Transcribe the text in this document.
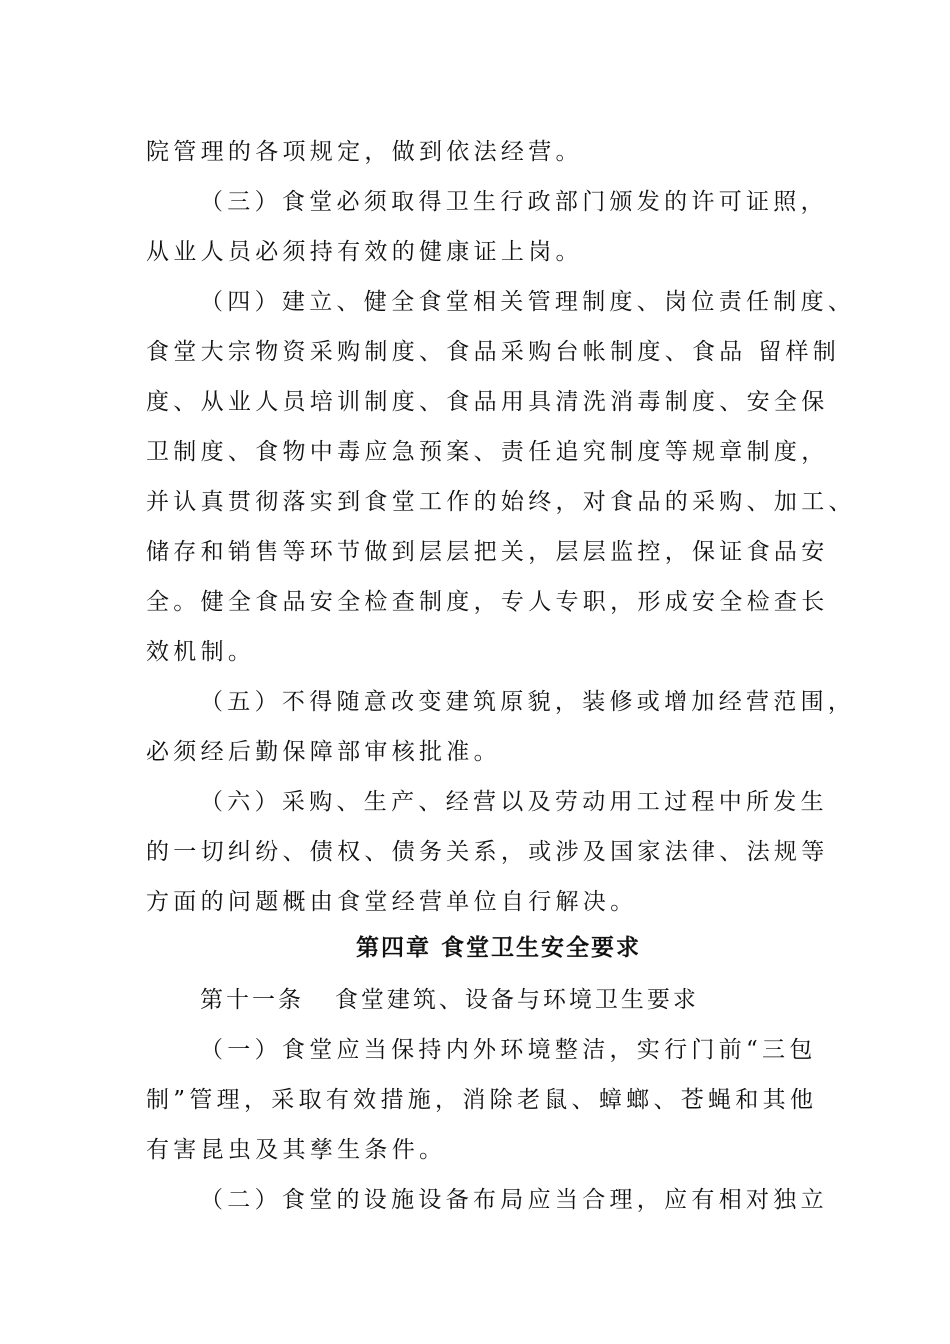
院管理的各项规定，做到依法经营。
（三）食堂必须取得卫生行政部门颁发的许可证照，
从业人员必须持有效的健康证上岗。
（四）建立、健全食堂相关管理制度、岗位责任制度、
食堂大宗物资采购制度、食品采购台帐制度、食品 留样制
度、从业人员培训制度、食品用具清洗消毒制度、安全保
卫制度、食物中毒应急预案、责任追究制度等规章制度，
并认真贯彻落实到食堂工作的始终，对食品的采购、加工、
储存和销售等环节做到层层把关，层层监控，保证食品安
全。健全食品安全检查制度，专人专职，形成安全检查长
效机制。
（五）不得随意改变建筑原貌，装修或增加经营范围，
必须经后勤保障部审核批准。
（六）采购、生产、经营以及劳动用工过程中所发生
的一切纠纷、债权、债务关系，或涉及国家法律、法规等
方面的问题概由食堂经营单位自行解决。
第四章 食堂卫生安全要求
第十一条   食堂建筑、设备与环境卫生要求
（一）食堂应当保持内外环境整洁，实行门前“三包
制”管理，采取有效措施，消除老鼠、蟑螂、苍蝇和其他
有害昆虫及其孳生条件。
（二）食堂的设施设备布局应当合理，应有相对独立
